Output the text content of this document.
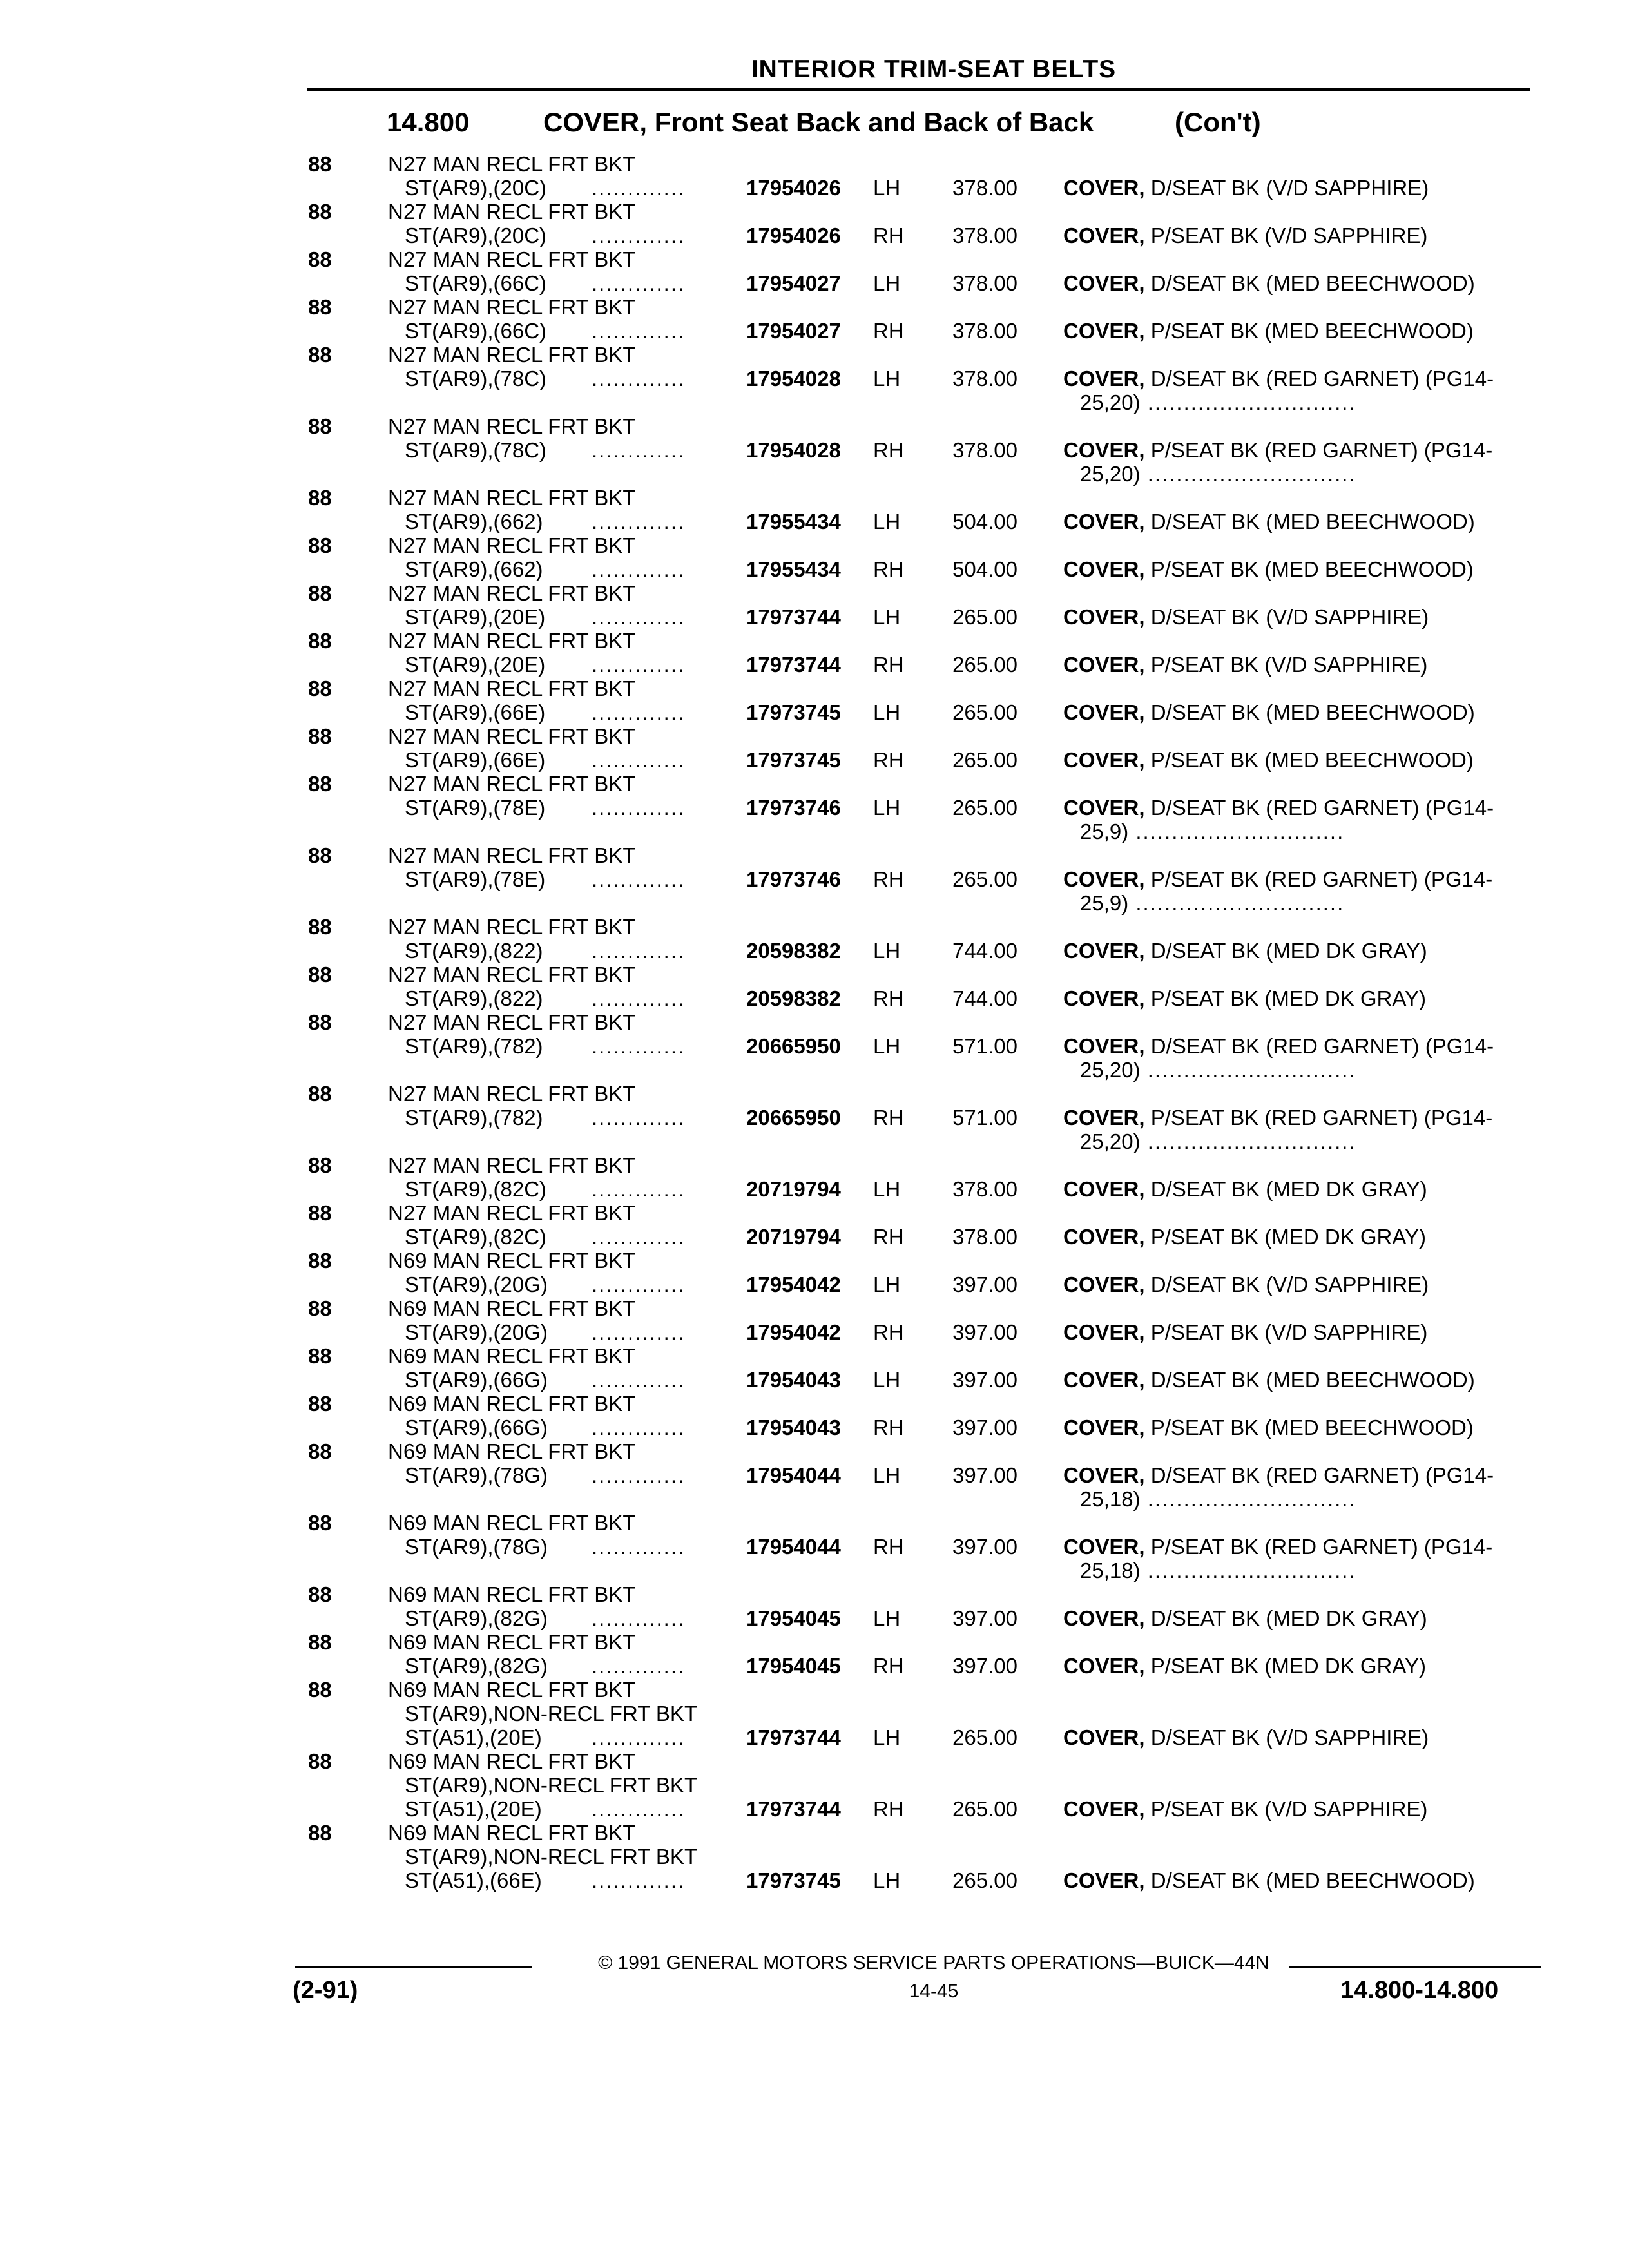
INTERIOR TRIM-SEAT BELTS
14.800	COVER, Front Seat Back and Back of Back	(Con't)
88	N27 MAN RECL FRT BKT
ST(AR9),(20C) .............	17954026 LH 378.00 COVER, D/SEAT BK (V/D SAPPHIRE)
88	N27 MAN RECL FRT BKT
ST(AR9),(20C) .............	17954026 RH 378.00 COVER, P/SEAT BK (V/D SAPPHIRE)
88	N27 MAN RECL FRT BKT
ST(AR9),(66C) .............	17954027 LH 378.00 COVER, D/SEAT BK (MED BEECHWOOD)
88	N27 MAN RECL FRT BKT
ST(AR9),(66C) .............	17954027 RH 378.00 COVER, P/SEAT BK (MED BEECHWOOD)
88	N27 MAN RECL FRT BKT
ST(AR9),(78C) .............	17954028 LH 378.00 COVER, D/SEAT BK (RED GARNET) (PG14-
25,20) .............................
88	N27 MAN RECL FRT BKT
ST(AR9),(78C) .............	17954028 RH 378.00 COVER, P/SEAT BK (RED GARNET) (PG14-
25,20) .............................
88	N27 MAN RECL FRT BKT
ST(AR9),(662) .............	17955434 LH 504.00 COVER, D/SEAT BK (MED BEECHWOOD)
88	N27 MAN RECL FRT BKT
ST(AR9),(662) .............	17955434 RH 504.00 COVER, P/SEAT BK (MED BEECHWOOD)
88	N27 MAN RECL FRT BKT
ST(AR9),(20E) .............	17973744 LH 265.00 COVER, D/SEAT BK (V/D SAPPHIRE)
88	N27 MAN RECL FRT BKT
ST(AR9),(20E) .............	17973744 RH 265.00 COVER, P/SEAT BK (V/D SAPPHIRE)
88	N27 MAN RECL FRT BKT
ST(AR9),(66E) .............	17973745 LH 265.00 COVER, D/SEAT BK (MED BEECHWOOD)
88	N27 MAN RECL FRT BKT
ST(AR9),(66E) .............	17973745 RH 265.00 COVER, P/SEAT BK (MED BEECHWOOD)
88	N27 MAN RECL FRT BKT
ST(AR9),(78E) .............	17973746 LH 265.00 COVER, D/SEAT BK (RED GARNET) (PG14-
25,9) .............................
88	N27 MAN RECL FRT BKT
ST(AR9),(78E) .............	17973746 RH 265.00 COVER, P/SEAT BK (RED GARNET) (PG14-
25,9) .............................
88	N27 MAN RECL FRT BKT
ST(AR9),(822) .............	20598382 LH 744.00 COVER, D/SEAT BK (MED DK GRAY)
88	N27 MAN RECL FRT BKT
ST(AR9),(822) .............	20598382 RH 744.00 COVER, P/SEAT BK (MED DK GRAY)
88	N27 MAN RECL FRT BKT
ST(AR9),(782) .............	20665950 LH 571.00 COVER, D/SEAT BK (RED GARNET) (PG14-
25,20) .............................
88	N27 MAN RECL FRT BKT
ST(AR9),(782) .............	20665950 RH 571.00 COVER, P/SEAT BK (RED GARNET) (PG14-
25,20) .............................
88	N27 MAN RECL FRT BKT
ST(AR9),(82C) .............	20719794 LH 378.00 COVER, D/SEAT BK (MED DK GRAY)
88	N27 MAN RECL FRT BKT
ST(AR9),(82C) .............	20719794 RH 378.00 COVER, P/SEAT BK (MED DK GRAY)
88	N69 MAN RECL FRT BKT
ST(AR9),(20G) .............	17954042 LH 397.00 COVER, D/SEAT BK (V/D SAPPHIRE)
88	N69 MAN RECL FRT BKT
ST(AR9),(20G) .............	17954042 RH 397.00 COVER, P/SEAT BK (V/D SAPPHIRE)
88	N69 MAN RECL FRT BKT
ST(AR9),(66G) .............	17954043 LH 397.00 COVER, D/SEAT BK (MED BEECHWOOD)
88	N69 MAN RECL FRT BKT
ST(AR9),(66G) .............	17954043 RH 397.00 COVER, P/SEAT BK (MED BEECHWOOD)
88	N69 MAN RECL FRT BKT
ST(AR9),(78G) .............	17954044 LH 397.00 COVER, D/SEAT BK (RED GARNET) (PG14-
25,18) .............................
88	N69 MAN RECL FRT BKT
ST(AR9),(78G) .............	17954044 RH 397.00 COVER, P/SEAT BK (RED GARNET) (PG14-
25,18) .............................
88	N69 MAN RECL FRT BKT
ST(AR9),(82G) .............	17954045 LH 397.00 COVER, D/SEAT BK (MED DK GRAY)
88	N69 MAN RECL FRT BKT
ST(AR9),(82G) .............	17954045 RH 397.00 COVER, P/SEAT BK (MED DK GRAY)
88	N69 MAN RECL FRT BKT
ST(AR9),NON-RECL FRT BKT
ST(A51),(20E) .............	17973744 LH 265.00 COVER, D/SEAT BK (V/D SAPPHIRE)
88	N69 MAN RECL FRT BKT
ST(AR9),NON-RECL FRT BKT
ST(A51),(20E) .............	17973744 RH 265.00 COVER, P/SEAT BK (V/D SAPPHIRE)
88	N69 MAN RECL FRT BKT
ST(AR9),NON-RECL FRT BKT
ST(A51),(66E) .............	17973745 LH 265.00 COVER, D/SEAT BK (MED BEECHWOOD)
© 1991 GENERAL MOTORS SERVICE PARTS OPERATIONS—BUICK—44N
(2-91)	14-45	14.800-14.800
